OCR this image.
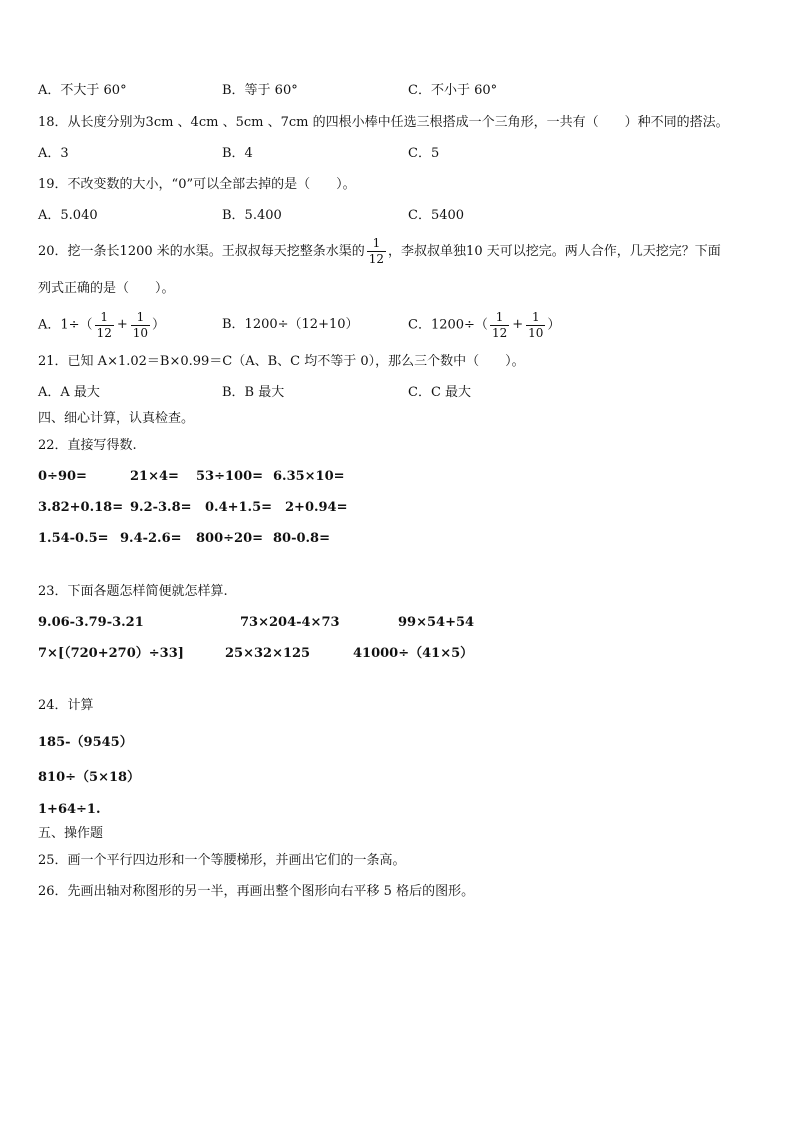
A．不大于 60°	B．等于 60°	C．不小于 60°
18．从长度分别为3cm 、4cm 、5cm 、7cm 的四根小棒中任选三根搭成一个三角形，一共有（　　）种不同的搭法。
A．3	B．4	C．5
19．不改变数的大小，“0”可以全部去掉的是（　　）。
A．5.040	B．5.400	C．5400
20．挖一条长1200 米的水渠。王叔叔每天挖整条水渠的 $\frac{1}{12}$ ，李叔叔单独10 天可以挖完。两人合作，几天挖完？下面
列式正确的是（　　）。
A．$1\div( \frac{1}{12} + \frac{1}{10}$ ）	B．1200÷（12+10）	C．$1200\div( \frac{1}{12} + \frac{1}{10}$ ）
21．已知 A×1.02＝B×0.99＝C（A、B、C 均不等于 0），那么三个数中（　　）。
A．A 最大	B．B 最大	C．C 最大
四、细心计算，认真检查。
22．直接写得数.
0÷90=	21×4= 53÷100= 6.35×10=
3.82+0.18= 9.2-3.8= 0.4+1.5= 2+0.94=
1.54-0.5= 9.4-2.6= 800÷20= 80-0.8=
23．下面各题怎样简便就怎样算.
9.06-3.79-3.21	73×204-4×73	99×54+54
7×[（720+270）÷33]	25×32×125	41000÷（41×5）
24．计算
185-（9545）
810÷（5×18）
1+64÷1.
五、操作题
25．画一个平行四边形和一个等腰梯形，并画出它们的一条高。
26．先画出轴对称图形的另一半，再画出整个图形向右平移 5 格后的图形。
